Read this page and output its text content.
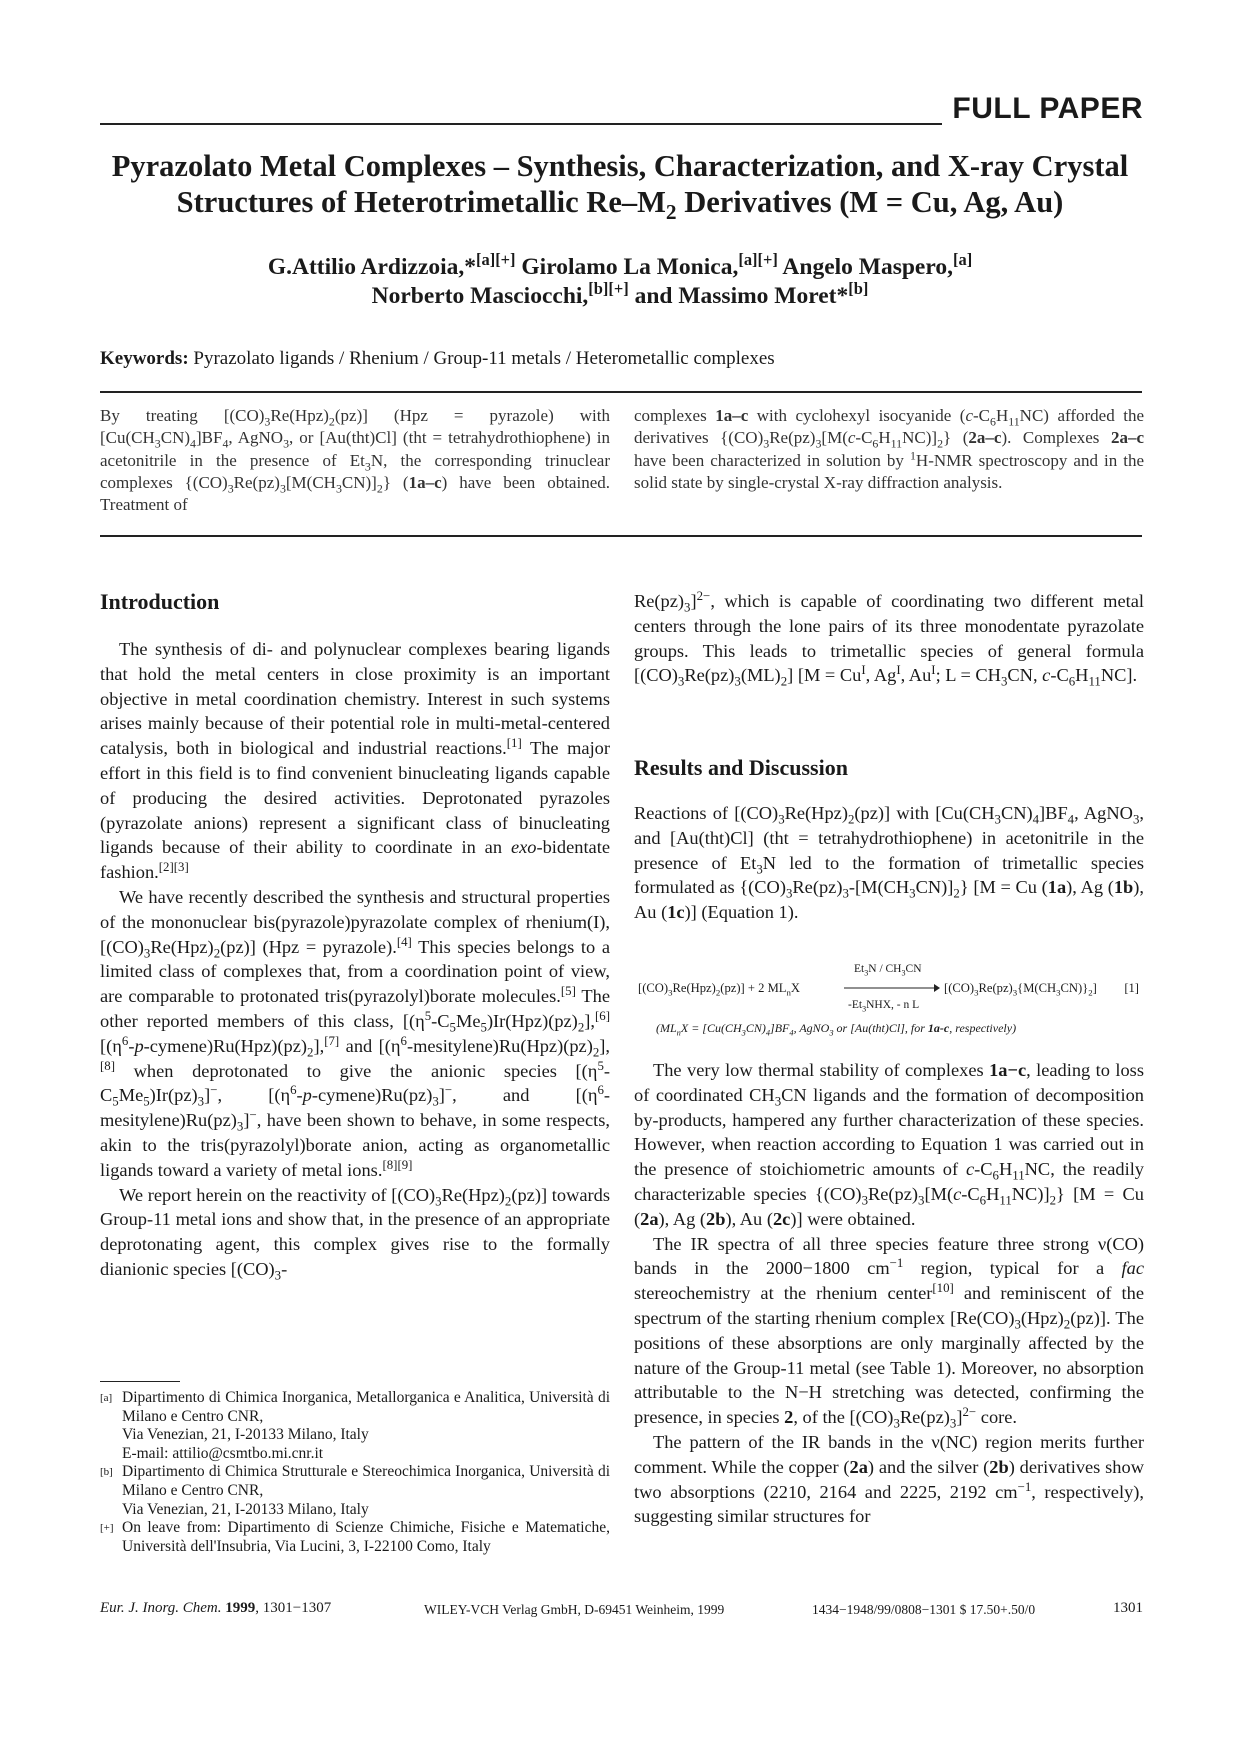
FULL PAPER
Pyrazolato Metal Complexes – Synthesis, Characterization, and X-ray Crystal
Structures of Heterotrimetallic $Re-M_2$ Derivatives (M = Cu, Ag, Au)
G.Attilio Ardizzoia,*[a][+] Girolamo La Monica,[a][+] Angelo Maspero,[a]
Norberto Masciocchi,[b][+] and Massimo Moret*[b]
Keywords: Pyrazolato ligands / Rhenium / Group-11 metals / Heterometallic complexes
By treating $[(CO)_3Re(Hpz)_2(pz)] (Hpz$ = pyrazole) with $[Cu(CH_3CN)_4]BF_4$, AgNO$_3$, or [Au(tht)Cl] (tht = tetrahydrothiophene) in acetonitrile in the presence of $Et_3N$, the corresponding trinuclear complexes $\{(CO)_3Re(pz)_3[M(CH_3CN)]_2\}$ (1a–c) have been obtained. Treatment of
complexes 1a–c with cyclohexyl isocyanide $(c-C_6H_{11}NC)$ afforded the derivatives $\{(CO)_3Re(pz)_3[M(c-C_6H_{11}NC)]_2\}$ (2a–c). Complexes 2a–c have been characterized in solution by $^1$H-NMR spectroscopy and in the solid state by single-crystal X-ray diffraction analysis.
Introduction

The synthesis of di- and polynuclear complexes bearing ligands that hold the metal centers in close proximity is an important objective in metal coordination chemistry. Interest in such systems arises mainly because of their potential role in multi-metal-centered catalysis, both in biological and industrial reactions.[1] The major effort in this field is to find convenient binucleating ligands capable of producing the desired activities. Deprotonated pyrazoles (pyrazolate anions) represent a significant class of binucleating ligands because of their ability to coordinate in an exo-bidentate fashion.[2][3]

We have recently described the synthesis and structural properties of the mononuclear bis(pyrazole)pyrazolate complex of rhenium(I), $[(CO)_3Re(Hpz)_2(pz)] (Hpz$ = pyrazole).[4] This species belongs to a limited class of complexes that, from a coordination point of view, are comparable to protonated tris(pyrazolyl)borate molecules.[5] The other reported members of this class, $[(\eta^5-C_5Me_5)Ir(Hpz)(pz)_2],[6]$ $[(\eta^6-p-cymene)Ru(Hpz)(pz)_2],[7]$ and $[(\eta^6-mesitylene)Ru(Hpz)(pz)_2],[8]$ when deprotonated to give the anionic species $[(\eta^5-C_5Me_5)Ir(pz)_3]^-$, $[(\eta^6-p-cymene)Ru(pz)_3]^-$, and $[(\eta^6-mesitylene)Ru(pz)_3]^-$, have been shown to behave, in some respects, akin to the tris(pyrazolyl)borate anion, acting as organometallic ligands toward a variety of metal ions.[8][9]

We report herein on the reactivity of $[(CO)_3Re(Hpz)_2(pz)]$ towards Group-11 metal ions and show that, in the presence of an appropriate deprotonating agent, this complex gives rise to the formally dianionic species [$(CO)_3-$

[a] Dipartimento di Chimica Inorganica, Metallorganica e Analitica, Università di Milano e Centro CNR,
Via Venezian, 21, I-20133 Milano, Italy
E-mail: attilio@csmtbo.mi.cnr.it
[b] Dipartimento di Chimica Strutturale e Stereochimica Inorganica, Università di Milano e Centro CNR,
Via Venezian, 21, I-20133 Milano, Italy
[+] On leave from: Dipartimento di Scienze Chimiche, Fisiche e Matematiche, Università dell'Insubria, Via Lucini, 3, I-22100 Como, Italy

$Re(pz)_3]^{2-}$, which is capable of coordinating two different metal centers through the lone pairs of its three monodentate pyrazolate groups. This leads to trimetallic species of general formula $[(CO)_3Re(pz)_3(ML)_2] [M = Cu^I$, $Ag^I$, $Au^I$; $L = CH_3CN$, $c-C_6H_{11}NC$].

Results and Discussion

Reactions of $[(CO)_3Re(Hpz)_2(pz)]$ with $[Cu(CH_3CN)_4]BF_4$, AgNO$_3$, and [Au(tht)Cl] (tht = tetrahydrothiophene) in acetonitrile in the presence of $Et_3N$ led to the formation of trimetallic species formulated as $\{(CO)_3Re(pz)_3-[M(CH_3CN)]_2\} [M = Cu$ (1a), Ag (1b), Au (1c)] (Equation 1).

$[(CO)_3Re(Hpz)_2(pz)] + 2$ $ML_nX$
$Et_3N / CH_3CN$
$-Et_3NHX$, - n L
$[(CO)_3Re(pz)_3\{M(CH_3CN)\}_2]$ [1]
($ML_nX = [Cu(CH_3CN)_4]BF_4$, AgNO$_3$ or [Au(tht)Cl], for 1a-c, respectively)

The very low thermal stability of complexes 1a−c, leading to loss of coordinated $CH_3CN$ ligands and the formation of decomposition by-products, hampered any further characterization of these species. However, when reaction according to Equation 1 was carried out in the presence of stoichiometric amounts of $c-C_6H_{11}NC$, the readily characterizable species $\{(CO)_3Re(pz)_3[M(c-C_6H_{11}NC)]_2\} [M = Cu$ (2a), Ag (2b), Au (2c)] were obtained.

The IR spectra of all three species feature three strong ν(CO) bands in the 2000−1800 $cm^{-1}$ region, typical for a fac stereochemistry at the rhenium center[10] and reminiscent of the spectrum of the starting rhenium complex $[Re(CO)_3(Hpz)_2(pz)]$. The positions of these absorptions are only marginally affected by the nature of the Group-11 metal (see Table 1). Moreover, no absorption attributable to the N−H stretching was detected, confirming the presence, in species 2, of the $[(CO)_3Re(pz)_3]^{2-}$ core.

The pattern of the IR bands in the ν(NC) region merits further comment. While the copper (2a) and the silver (2b) derivatives show two absorptions (2210, 2164 and 2225, 2192 $cm^{-1}$, respectively), suggesting similar structures for

Eur. J. Inorg. Chem. 1999, 1301−1307	WILEY-VCH Verlag GmbH, D-69451 Weinheim, 1999	1434−1948/99/0808−1301 $ 17.50+.50/0	1301
